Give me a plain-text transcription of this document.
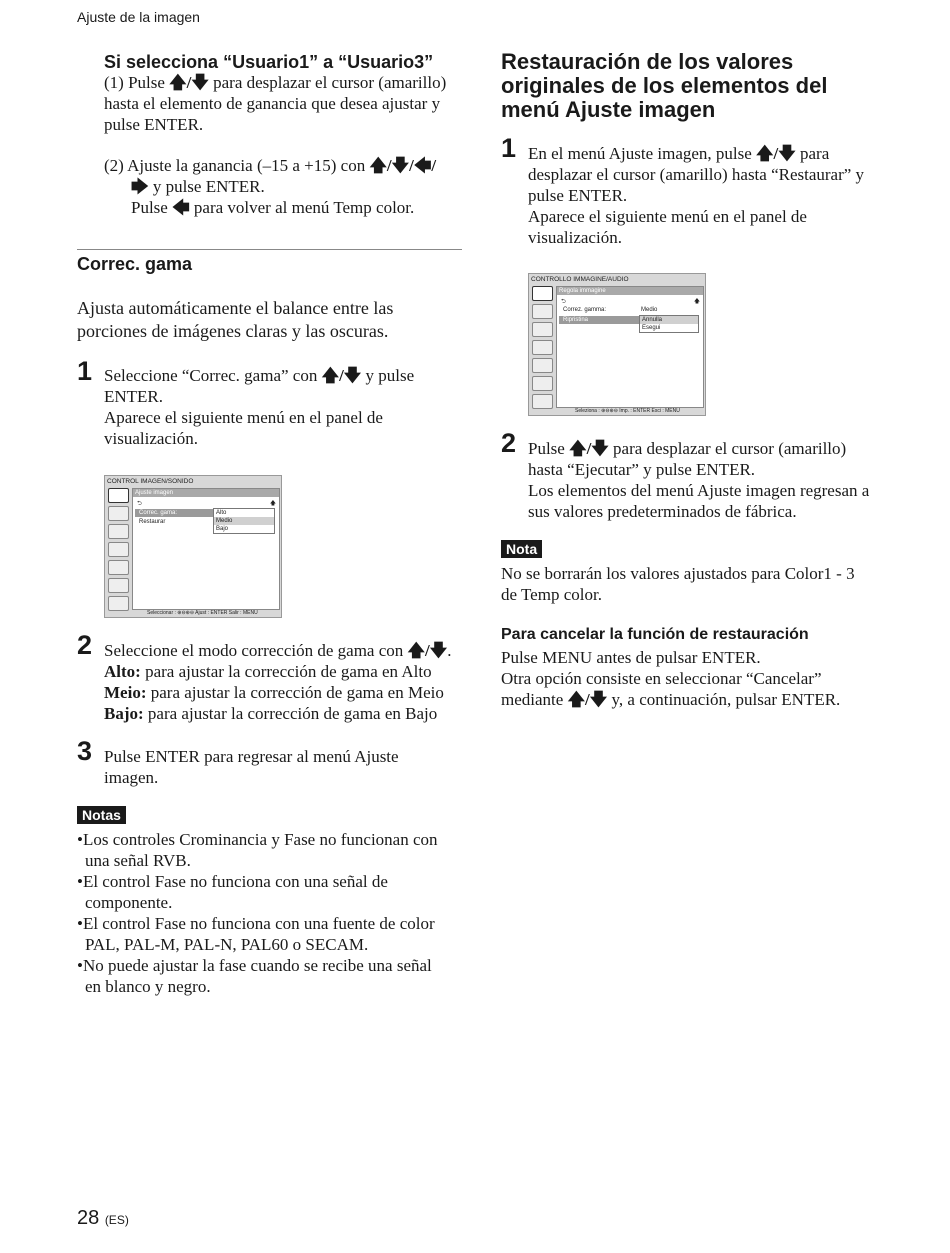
Ajuste de la imagen
Si selecciona “Usuario1” a “Usuario3”
(1) Pulse 🡅/🡇 para desplazar el cursor (amarillo)
hasta el elemento de ganancia que desea ajustar y
pulse ENTER.
(2) Ajuste la ganancia (–15 a +15) con 🡅/🡇/🡄/
🡆 y pulse ENTER.
Pulse 🡄 para volver al menú Temp color.
Correc. gama
Ajusta automáticamente el balance entre las
porciones de imágenes claras y las oscuras.
1 Seleccione “Correc. gama” con 🡅/🡇 y pulse
ENTER.
Aparece el siguiente menú en el panel de
visualización.
CONTROL IMAGEN/SONIDO
Ajuste imagen
⮌	🡅
Correc. gama:
Restaurar
Alto
Medio
Bajo
Seleccionar : ⊕⊖⊕⊖ Ajust : ENTER Salir : MENU
2 Seleccione el modo corrección de gama con 🡅/🡇.
Alto: para ajustar la corrección de gama en Alto
Meio: para ajustar la corrección de gama en Meio
Bajo: para ajustar la corrección de gama en Bajo
3 Pulse ENTER para regresar al menú Ajuste
imagen.
Notas
•Los controles Crominancia y Fase no funcionan con
una señal RVB.
•El control Fase no funciona con una señal de
componente.
•El control Fase no funciona con una fuente de color
PAL, PAL-M, PAL-N, PAL60 o SECAM.
•No puede ajustar la fase cuando se recibe una señal
en blanco y negro.
Restauración de los valores
originales de los elementos del
menú Ajuste imagen
1 En el menú Ajuste imagen, pulse 🡅/🡇 para
desplazar el cursor (amarillo) hasta “Restaurar” y
pulse ENTER.
Aparece el siguiente menú en el panel de
visualización.
CONTROLLO IMMAGINE/AUDIO
Regola immagine
⮌	🡅
Correz. gamma:	Medio
Ripristina	Annulla
Esegui
Seleziona : ⊕⊖⊕⊖ Imp. : ENTER Esci : MENU
2 Pulse 🡅/🡇 para desplazar el cursor (amarillo)
hasta “Ejecutar” y pulse ENTER.
Los elementos del menú Ajuste imagen regresan a
sus valores predeterminados de fábrica.
Nota
No se borrarán los valores ajustados para Color1 - 3
de Temp color.
Para cancelar la función de restauración
Pulse MENU antes de pulsar ENTER.
Otra opción consiste en seleccionar “Cancelar”
mediante 🡅/🡇 y, a continuación, pulsar ENTER.
28 (ES)
